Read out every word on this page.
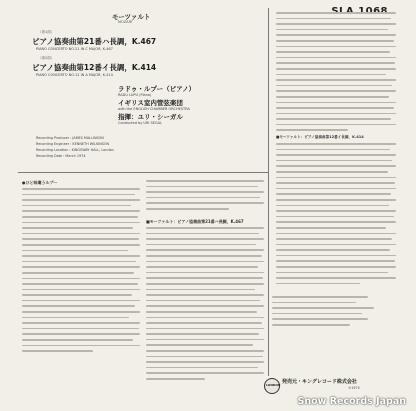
モーツァルト
MOZART
（第1面）
ピアノ協奏曲第21番ハ長調，K.467
PIANO CONCERTO NO.21 IN C MAJOR, K.467
（第2面）
ピアノ協奏曲第12番イ長調，K.414
PIANO CONCERTO NO.12 IN A MAJOR, K.414
ラドゥ・ルプー（ピアノ）
RADU LUPU (Piano)
イギリス室内管弦楽団
with the ENGLISH CHAMBER ORCHESTRA
指揮：ユリ・シーガル
Conducted by URI SEGAL
Recording Producer : JAMES MALLINSON
Recording Engineer : KENNETH WILKINSON
Recording Location : KINGSWAY HALL, London
Recording Date : March 1974
●ひと味違うルプー
■モーツァルト：ピアノ協奏曲第21番ハ長調，K.467
■モーツァルト：ピアノ協奏曲第12番イ長調，K.414
LONDON 発売元・キングレコード株式会社
℗1975
Snow Records Japan
